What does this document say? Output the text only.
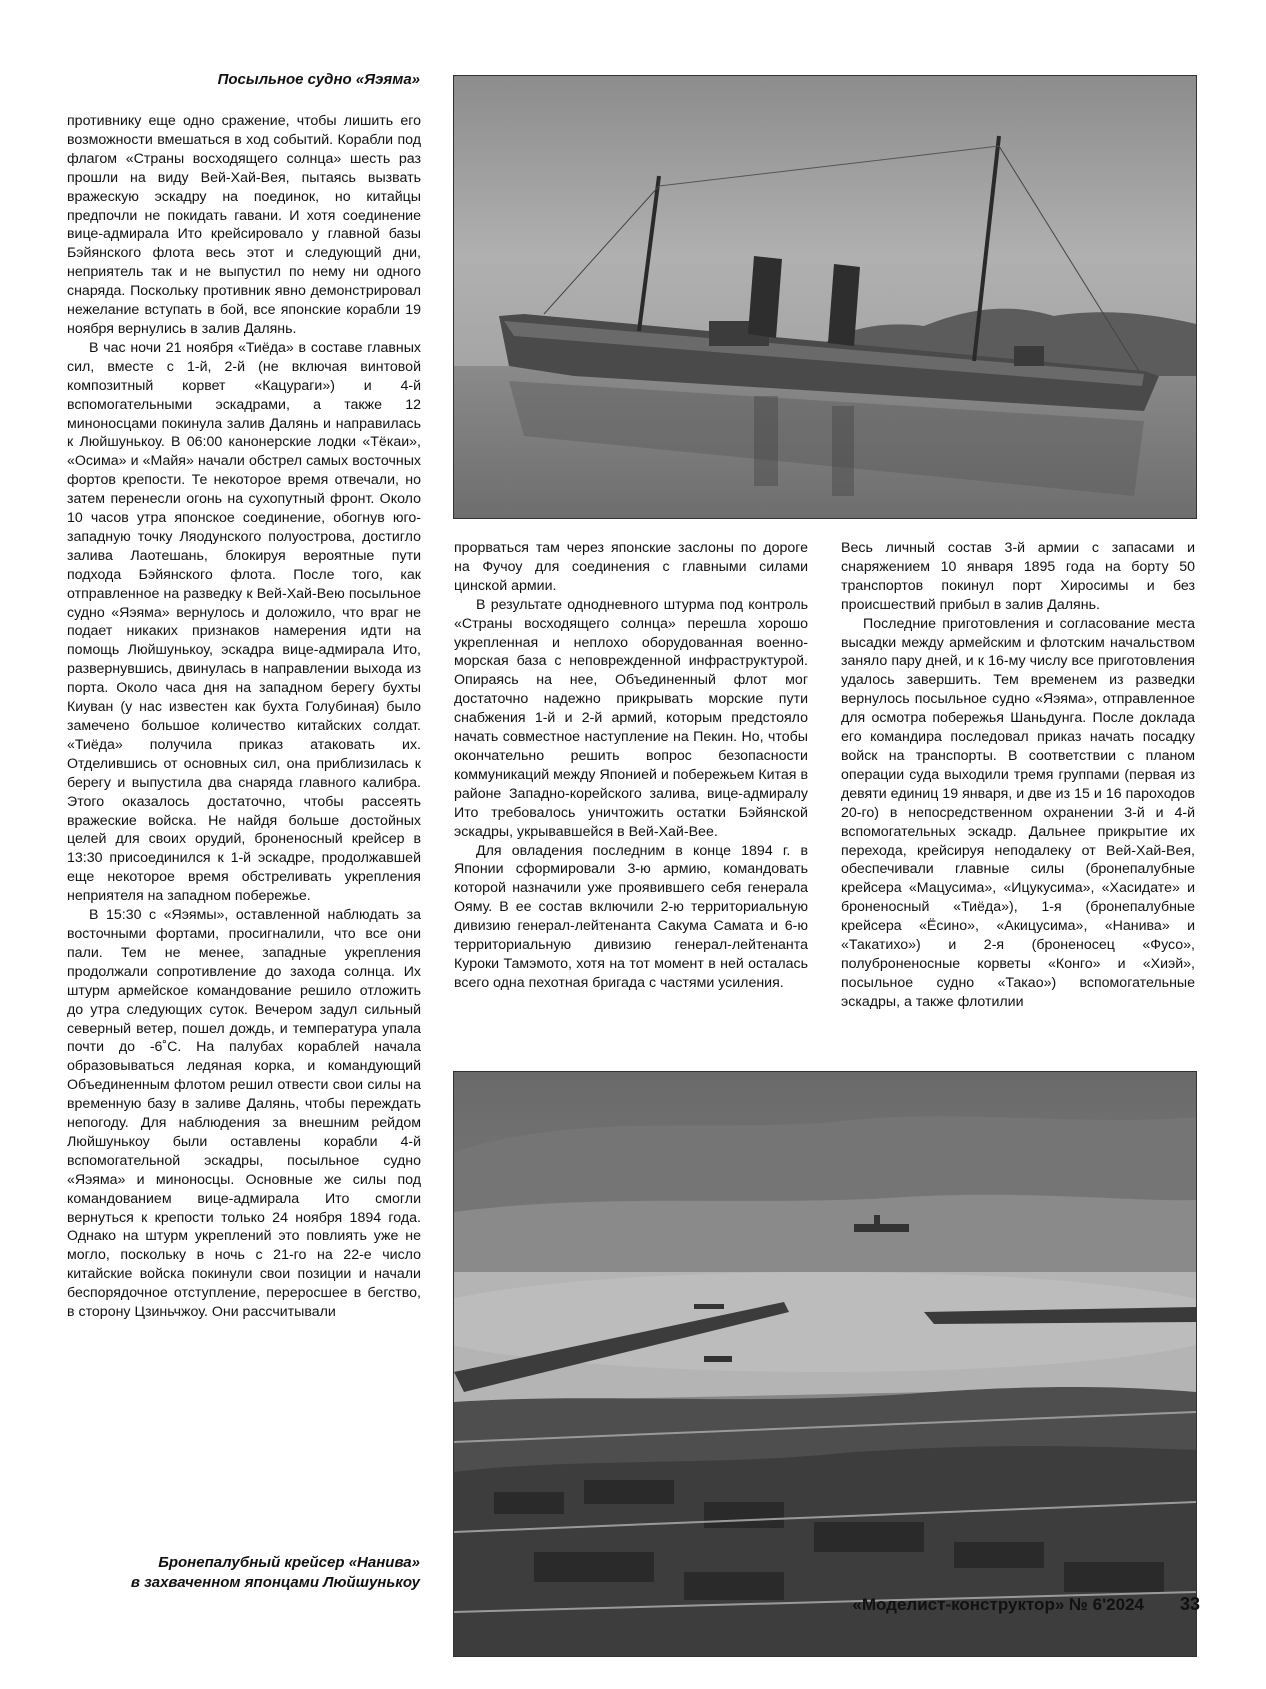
Посыльное судно «Яэяма»

противнику еще одно сражение, чтобы лишить его возможности вмешаться в ход событий. Корабли под флагом «Страны восходящего солнца» шесть раз прошли на виду Вей-Хай-Вея, пытаясь вызвать вражескую эскадру на поединок, но китайцы предпочли не покидать гавани. И хотя соединение вице-адмирала Ито крейсировало у главной базы Бэйянского флота весь этот и следующий дни, неприятель так и не выпустил по нему ни одного снаряда. Поскольку противник явно демонстрировал нежелание вступать в бой, все японские корабли 19 ноября вернулись в залив Далянь.

В час ночи 21 ноября «Тиёда» в составе главных сил, вместе с 1-й, 2-й (не включая винтовой композитный корвет «Кацураги») и 4-й вспомогательными эскадрами, а также 12 миноносцами покинула залив Далянь и направилась к Люйшунькоу. В 06:00 канонерские лодки «Тёкаи», «Осима» и «Майя» начали обстрел самых восточных фортов крепости. Те некоторое время отвечали, но затем перенесли огонь на сухопутный фронт. Около 10 часов утра японское соединение, обогнув юго-западную точку Ляодунского полуострова, достигло залива Лаотешань, блокируя вероятные пути подхода Бэйянского флота. После того, как отправленное на разведку к Вей-Хай-Вею посыльное судно «Яэяма» вернулось и доложило, что враг не подает никаких признаков намерения идти на помощь Люйшунькоу, эскадра вице-адмирала Ито, развернувшись, двинулась в направлении выхода из порта. Около часа дня на западном берегу бухты Киуван (у нас известен как бухта Голубиная) было замечено большое количество китайских солдат. «Тиёда» получила приказ атаковать их. Отделившись от основных сил, она приблизилась к берегу и выпустила два снаряда главного калибра. Этого оказалось достаточно, чтобы рассеять вражеские войска. Не найдя больше достойных целей для своих орудий, броненосный крейсер в 13:30 присоединился к 1-й эскадре, продолжавшей еще некоторое время обстреливать укрепления неприятеля на западном побережье.

В 15:30 с «Яэямы», оставленной наблюдать за восточными фортами, просигналили, что все они пали. Тем не менее, западные укрепления продолжали сопротивление до захода солнца. Их штурм армейское командование решило отложить до утра следующих суток. Вечером задул сильный северный ветер, пошел дождь, и температура упала почти до -6˚С. На палубах кораблей начала образовываться ледяная корка, и командующий Объединенным флотом решил отвести свои силы на временную базу в заливе Далянь, чтобы переждать непогоду. Для наблюдения за внешним рейдом Люйшунькоу были оставлены корабли 4-й вспомогательной эскадры, посыльное судно «Яэяма» и миноносцы. Основные же силы под командованием вице-адмирала Ито смогли вернуться к крепости только 24 ноября 1894 года. Однако на штурм укреплений это повлиять уже не могло, поскольку в ночь с 21-го на 22-е число китайские войска покинули свои позиции и начали беспорядочное отступление, переросшее в бегство, в сторону Цзиньчжоу. Они рассчитывали

прорваться там через японские заслоны по дороге на Фучоу для соединения с главными силами цинской армии.

В результате однодневного штурма под контроль «Страны восходящего солнца» перешла хорошо укрепленная и неплохо оборудованная военно-морская база с неповрежденной инфраструктурой. Опираясь на нее, Объединенный флот мог достаточно надежно прикрывать морские пути снабжения 1-й и 2-й армий, которым предстояло начать совместное наступление на Пекин. Но, чтобы окончательно решить вопрос безопасности коммуникаций между Японией и побережьем Китая в районе Западно-корейского залива, вице-адмиралу Ито требовалось уничтожить остатки Бэйянской эскадры, укрывавшейся в Вей-Хай-Вее.

Для овладения последним в конце 1894 г. в Японии сформировали 3-ю армию, командовать которой назначили уже проявившего себя генерала Ояму. В ее состав включили 2-ю территориальную дивизию генерал-лейтенанта Сакума Самата и 6-ю территориальную дивизию генерал-лейтенанта Куроки Тамэмото, хотя на тот момент в ней осталась всего одна пехотная бригада с частями усиления.

Весь личный состав 3-й армии с запасами и снаряжением 10 января 1895 года на борту 50 транспортов покинул порт Хиросимы и без происшествий прибыл в залив Далянь.

Последние приготовления и согласование места высадки между армейским и флотским начальством заняло пару дней, и к 16-му числу все приготовления удалось завершить. Тем временем из разведки вернулось посыльное судно «Яэяма», отправленное для осмотра побережья Шаньдунга. После доклада его командира последовал приказ начать посадку войск на транспорты. В соответствии с планом операции суда выходили тремя группами (первая из девяти единиц 19 января, и две из 15 и 16 пароходов 20-го) в непосредственном охранении 3-й и 4-й вспомогательных эскадр. Дальнее прикрытие их перехода, крейсируя неподалеку от Вей-Хай-Вея, обеспечивали главные силы (бронепалубные крейсера «Мацусима», «Ицукусима», «Хасидате» и броненосный «Тиёда»), 1-я (бронепалубные крейсера «Ёсино», «Акицусима», «Нанива» и «Такатихо») и 2-я (броненосец «Фусо», полуброненосные корветы «Конго» и «Хиэй», посыльное судно «Такао») вспомогательные эскадры, а также флотилии

Бронепалубный крейсер «Нанива»
в захваченном японцами Люйшунькоу
«Моделист-конструктор» № 6'2024 33
